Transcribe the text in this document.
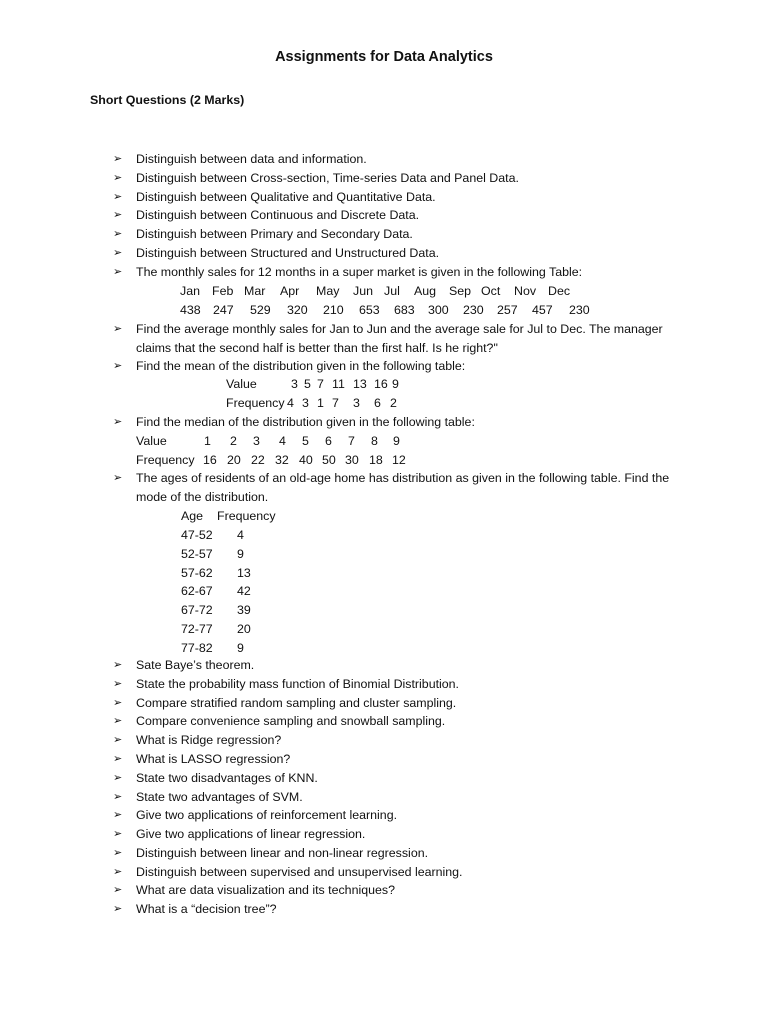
Assignments for Data Analytics
Short Questions (2 Marks)
➢	Distinguish between data and information.
➢	Distinguish between Cross-section, Time-series Data and Panel Data.
➢	Distinguish between Qualitative and Quantitative Data.
➢	Distinguish between Continuous and Discrete Data.
➢	Distinguish between Primary and Secondary Data.
➢	Distinguish between Structured and Unstructured Data.
➢	The monthly sales for 12 months in a super market is given in the following Table:
➢	Find the average monthly sales for Jan to Jun and the average sale for Jul to Dec. The manager claims that the second half is better than the first half. Is he right?"
➢	Find the mean of the distribution given in the following table:
➢	Find the median of the distribution given in the following table:
➢	The ages of residents of an old-age home has distribution as given in the following table. Find the mode of the distribution.
➢	Sate Baye’s theorem.
➢	State the probability mass function of Binomial Distribution.
➢	Compare stratified random sampling and cluster sampling.
➢	Compare convenience sampling and snowball sampling.
➢	What is Ridge regression?
➢	What is LASSO regression?
➢	State two disadvantages of KNN.
➢	State two advantages of SVM.
➢	Give two applications of reinforcement learning.
➢	Give two applications of linear regression.
➢	Distinguish between linear and non-linear regression.
➢	Distinguish between supervised and unsupervised learning.
➢	What are data visualization and its techniques?
➢	What is a “decision tree”?
Jan Feb Mar Apr May Jun Jul Aug Sep Oct Nov Dec
438 247 529 320 210 653 683 300 230 257 457 230
Value	3 5 7 11 13 16 9
Frequency 4 3 1 7 3 6 2
Value	1 2 3 4 5 6 7 8 9
Frequency 16 20 22 32 40 50 30 18 12
Age Frequency
47-52 4
52-57 9
57-62 13
62-67 42
67-72 39
72-77 20
77-82 9
